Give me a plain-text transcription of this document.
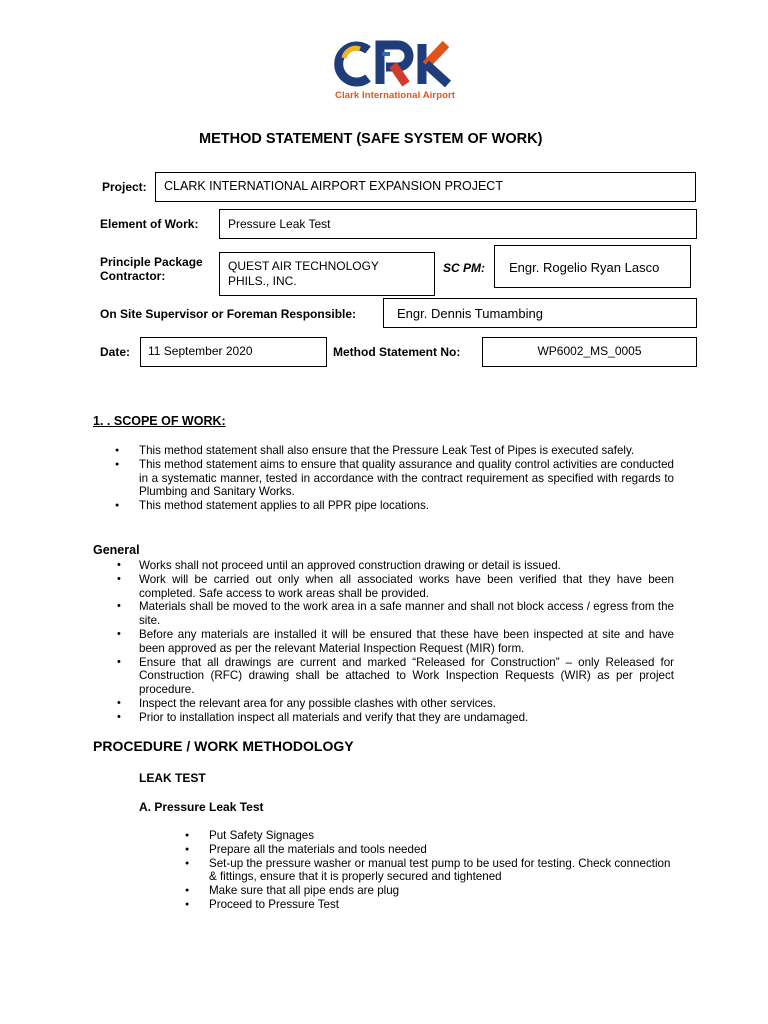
Clark International Airport
METHOD STATEMENT (SAFE SYSTEM OF WORK)
Project: CLARK INTERNATIONAL AIRPORT EXPANSION PROJECT
Element of Work: Pressure Leak Test
Principle Package
Contractor:
QUEST AIR TECHNOLOGY
PHILS., INC.
SC PM: Engr. Rogelio Ryan Lasco
On Site Supervisor or Foreman Responsible:	Engr. Dennis Tumambing
Date: 11 September 2020	Method Statement No:	WP6002_MS_0005
1. . SCOPE OF WORK:
● This method statement shall also ensure that the Pressure Leak Test of Pipes is executed safely.
● This method statement aims to ensure that quality assurance and quality control activities are conducted in a systematic manner, tested in accordance with the contract requirement as specified with regards to Plumbing and Sanitary Works.
● This method statement applies to all PPR pipe locations.
General
• Works shall not proceed until an approved construction drawing or detail is issued.
• Work will be carried out only when all associated works have been verified that they have been completed. Safe access to work areas shall be provided.
• Materials shall be moved to the work area in a safe manner and shall not block access / egress from the site.
• Before any materials are installed it will be ensured that these have been inspected at site and have been approved as per the relevant Material Inspection Request (MIR) form.
• Ensure that all drawings are current and marked “Released for Construction” – only Released for Construction (RFC) drawing shall be attached to Work Inspection Requests (WIR) as per project procedure.
• Inspect the relevant area for any possible clashes with other services.
• Prior to installation inspect all materials and verify that they are undamaged.
PROCEDURE / WORK METHODOLOGY
LEAK TEST
A. Pressure Leak Test
● Put Safety Signages
● Prepare all the materials and tools needed
● Set-up the pressure washer or manual test pump to be used for testing. Check connection & fittings, ensure that it is properly secured and tightened
● Make sure that all pipe ends are plug
● Proceed to Pressure Test
